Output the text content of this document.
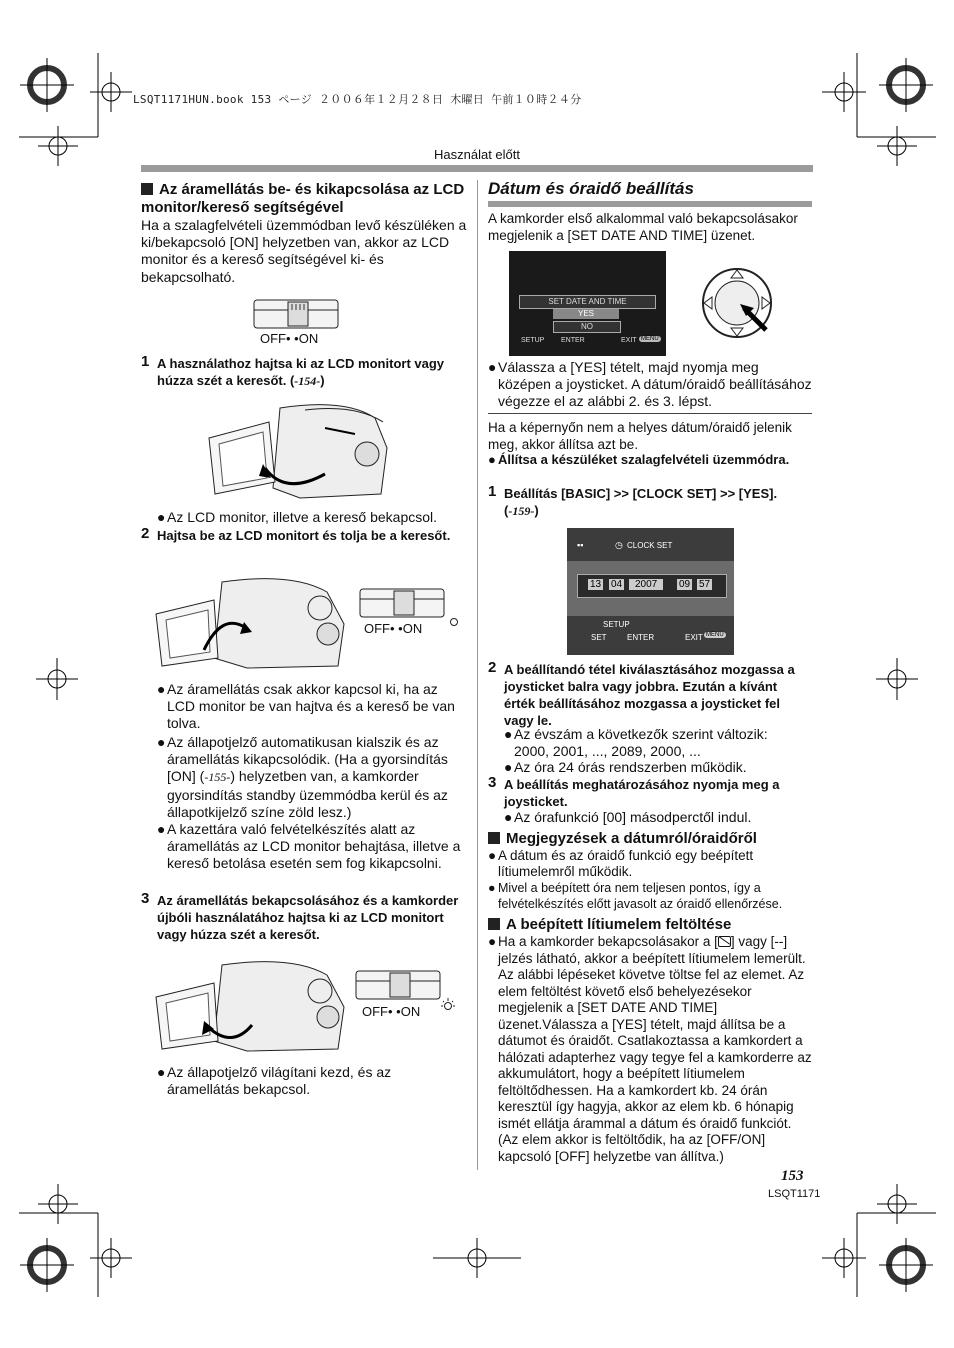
LSQT1171HUN.book 153 ページ ２００６年１２月２８日 木曜日 午前１０時２４分
Használat előtt
Az áramellátás be- és kikapcsolása az LCD monitor/kereső segítségével
Ha a szalagfelvételi üzemmódban levő készüléken a ki/bekapcsoló [ON] helyzetben van, akkor az LCD monitor és a kereső segítségével ki- és bekapcsolható.
OFF• •ON
1 A használathoz hajtsa ki az LCD monitort vagy húzza szét a keresőt. (-154-)
● Az LCD monitor, illetve a kereső bekapcsol.
2 Hajtsa be az LCD monitort és tolja be a keresőt.
OFF• •ON
● Az áramellátás csak akkor kapcsol ki, ha az LCD monitor be van hajtva és a kereső be van tolva.
● Az állapotjelző automatikusan kialszik és az áramellátás kikapcsolódik. (Ha a gyorsindítás [ON] (-155-) helyzetben van, a kamkorder gyorsindítás standby üzemmódba kerül és az állapotkijelző színe zöld lesz.)
● A kazettára való felvételkészítés alatt az áramellátás az LCD monitor behajtása, illetve a kereső betolása esetén sem fog kikapcsolni.
3 Az áramellátás bekapcsolásához és a kamkorder újbóli használatához hajtsa ki az LCD monitort vagy húzza szét a keresőt.
OFF• •ON
● Az állapotjelző világítani kezd, és az áramellátás bekapcsol.
Dátum és óraidő beállítás
A kamkorder első alkalommal való bekapcsolásakor megjelenik a [SET DATE AND TIME] üzenet.
SET DATE AND TIME
YES
NO
SETUP ENTER	EXIT MENU
● Válassza a [YES] tételt, majd nyomja meg középen a joysticket. A dátum/óraidő beállításához végezze el az alábbi 2. és 3. lépst.
Ha a képernyőn nem a helyes dátum/óraidő jelenik meg, akkor állítsa azt be.
● Állítsa a készüléket szalagfelvételi üzemmódra.
1 Beállítás [BASIC] >> [CLOCK SET] >> [YES]. (-159-)
▪▪	◷ CLOCK SET
13 04	2007	09 57
SETUP
SET	ENTER	EXIT MENU
2 A beállítandó tétel kiválasztásához mozgassa a joysticket balra vagy jobbra. Ezután a kívánt érték beállításához mozgassa a joysticket fel vagy le.
● Az évszám a következők szerint változik: 2000, 2001, ..., 2089, 2000, ...
● Az óra 24 órás rendszerben működik.
3 A beállítás meghatározásához nyomja meg a joysticket.
● Az órafunkció [00] másodperctől indul.
Megjegyzések a dátumról/óraidőről
● A dátum és az óraidő funkció egy beépített lítiumelemről működik.
● Mivel a beépített óra nem teljesen pontos, így a felvételkészítés előtt javasolt az óraidő ellenőrzése.
A beépített lítiumelem feltöltése
● Ha a kamkorder bekapcsolásakor a [ ] vagy [--] jelzés látható, akkor a beépített lítiumelem lemerült. Az alábbi lépéseket követve töltse fel az elemet. Az elem feltöltést követő első behelyezésekor megjelenik a [SET DATE AND TIME] üzenet.Válassza a [YES] tételt, majd állítsa be a dátumot és óraidőt. Csatlakoztassa a kamkordert a hálózati adapterhez vagy tegye fel a kamkorderre az akkumulátort, hogy a beépített lítiumelem feltöltődhessen. Ha a kamkordert kb. 24 órán keresztül így hagyja, akkor az elem kb. 6 hónapig ismét ellátja árammal a dátum és óraidő funkciót. (Az elem akkor is feltöltődik, ha az [OFF/ON] kapcsoló [OFF] helyzetbe van állítva.)
153
LSQT1171
